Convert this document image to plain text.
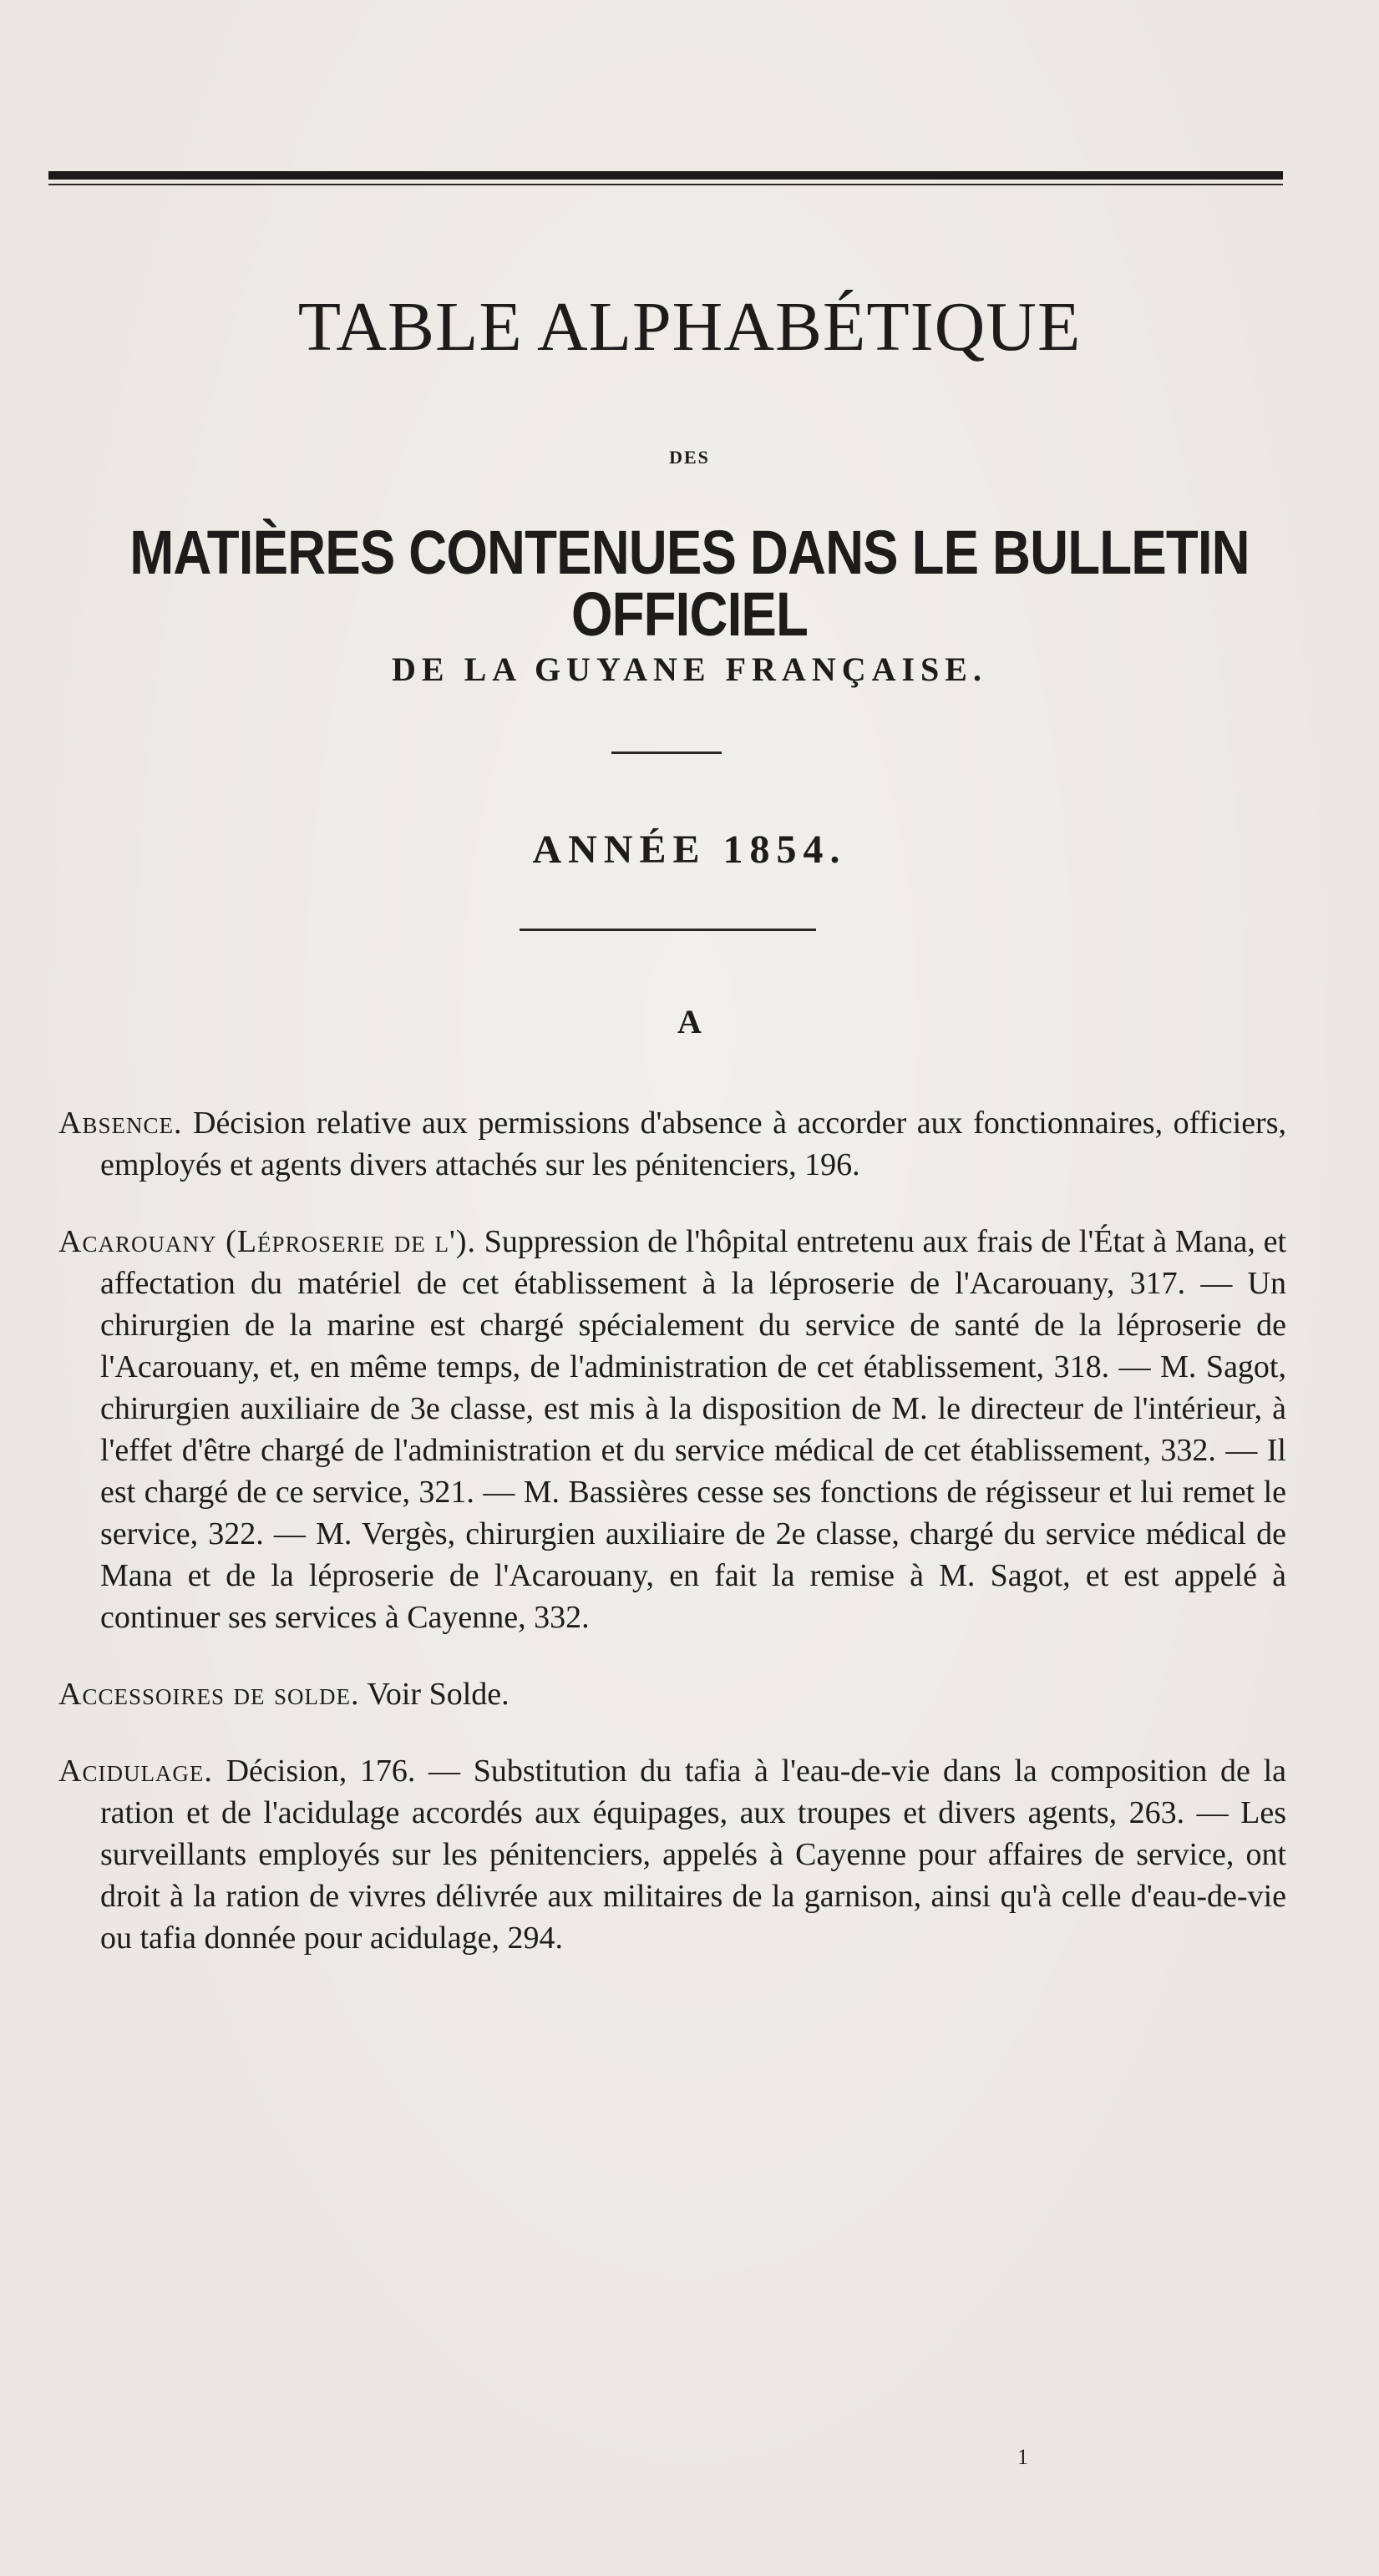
TABLE ALPHABÉTIQUE
DES
MATIÈRES CONTENUES DANS LE BULLETIN OFFICIEL
DE LA GUYANE FRANÇAISE.
ANNÉE 1854.
A

Absence. Décision relative aux permissions d'absence à accorder aux fonctionnaires, officiers, employés et agents divers attachés sur les pénitenciers, 196.

Acarouany (Léproserie de l'). Suppression de l'hôpital entretenu aux frais de l'État à Mana, et affectation du matériel de cet établissement à la léproserie de l'Acarouany, 317. — Un chirurgien de la marine est chargé spécialement du service de santé de la léproserie de l'Acarouany, et, en même temps, de l'administration de cet établissement, 318. — M. Sagot, chirurgien auxiliaire de 3e classe, est mis à la disposition de M. le directeur de l'intérieur, à l'effet d'être chargé de l'administration et du service médical de cet établissement, 332. — Il est chargé de ce service, 321. — M. Bassières cesse ses fonctions de régisseur et lui remet le service, 322. — M. Vergès, chirurgien auxiliaire de 2e classe, chargé du service médical de Mana et de la léproserie de l'Acarouany, en fait la remise à M. Sagot, et est appelé à continuer ses services à Cayenne, 332.

Accessoires de solde. Voir Solde.

Acidulage. Décision, 176. — Substitution du tafia à l'eau-de-vie dans la composition de la ration et de l'acidulage accordés aux équipages, aux troupes et divers agents, 263. — Les surveillants employés sur les pénitenciers, appelés à Cayenne pour affaires de service, ont droit à la ration de vivres délivrée aux militaires de la garnison, ainsi qu'à celle d'eau-de-vie ou tafia donnée pour acidulage, 294.

1
